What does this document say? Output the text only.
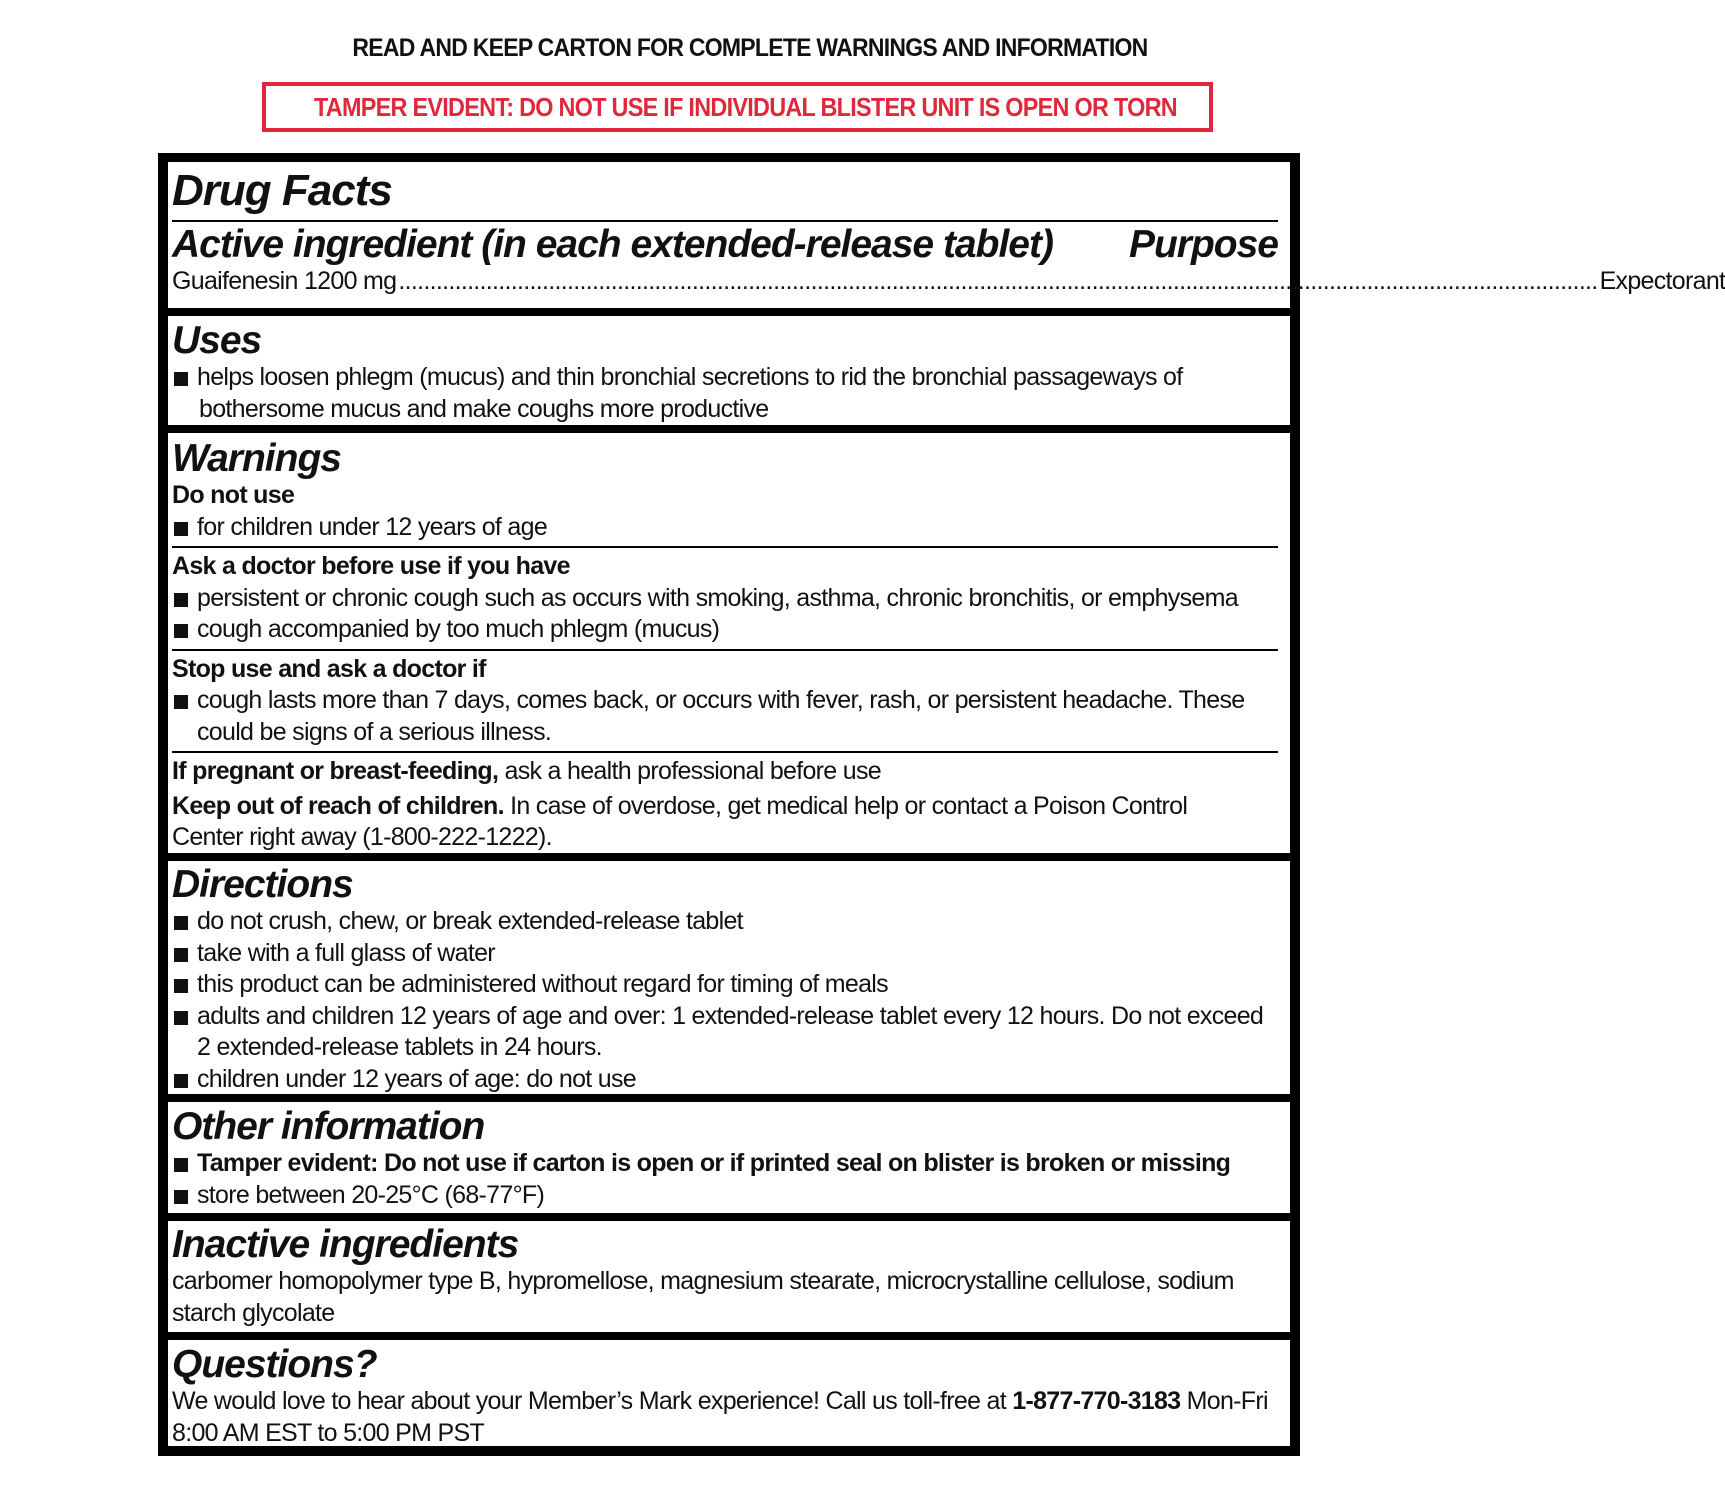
READ AND KEEP CARTON FOR COMPLETE WARNINGS AND INFORMATION
TAMPER EVIDENT: DO NOT USE IF INDIVIDUAL BLISTER UNIT IS OPEN OR TORN
Drug Facts
Active ingredient (in each extended-release tablet) Purpose
Guaifenesin 1200 mg ................................................................................................................................................................................................ Expectorant
Uses
helps loosen phlegm (mucus) and thin bronchial secretions to rid the bronchial passageways of
bothersome mucus and make coughs more productive
Warnings
Do not use
for children under 12 years of age
Ask a doctor before use if you have
persistent or chronic cough such as occurs with smoking, asthma, chronic bronchitis, or emphysema
cough accompanied by too much phlegm (mucus)
Stop use and ask a doctor if
cough lasts more than 7 days, comes back, or occurs with fever, rash, or persistent headache. These
could be signs of a serious illness.
If pregnant or breast-feeding, ask a health professional before use
Keep out of reach of children. In case of overdose, get medical help or contact a Poison Control
Center right away (1-800-222-1222).
Directions
do not crush, chew, or break extended-release tablet
take with a full glass of water
this product can be administered without regard for timing of meals
adults and children 12 years of age and over: 1 extended-release tablet every 12 hours. Do not exceed
2 extended-release tablets in 24 hours.
children under 12 years of age: do not use
Other information
Tamper evident: Do not use if carton is open or if printed seal on blister is broken or missing
store between 20-25°C (68-77°F)
Inactive ingredients
carbomer homopolymer type B, hypromellose, magnesium stearate, microcrystalline cellulose, sodium
starch glycolate
Questions?
We would love to hear about your Member’s Mark experience! Call us toll-free at 1-877-770-3183 Mon-Fri
8:00 AM EST to 5:00 PM PST
